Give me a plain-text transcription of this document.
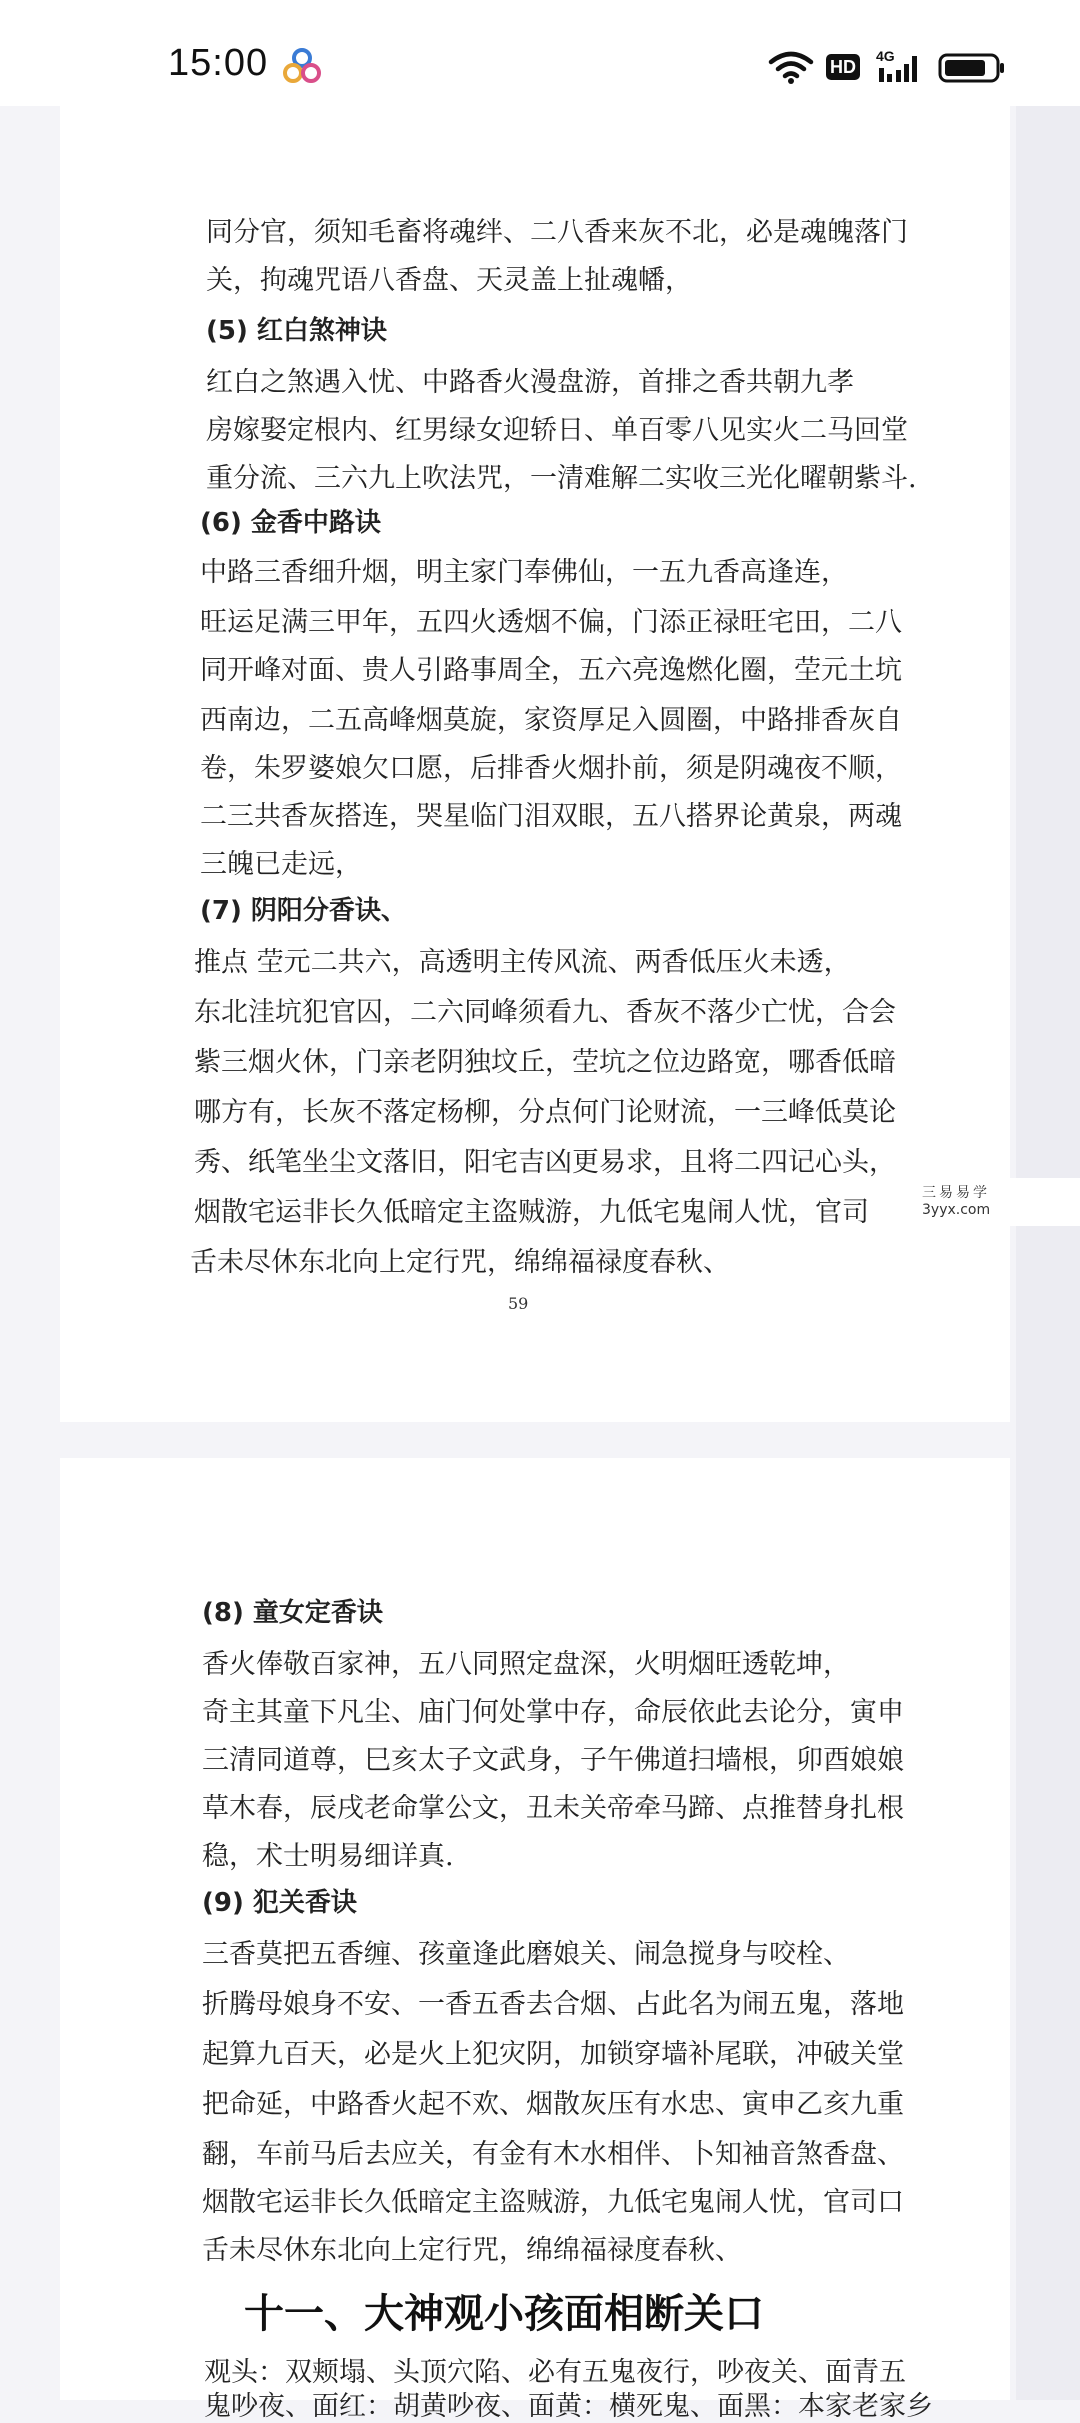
15:00	HD
4G

同分官，须知毛畜将魂绊、二八香来灰不北，必是魂魄落门

关，拘魂咒语八香盘、天灵盖上扯魂幡，

(5) 红白煞神诀

红白之煞遇入忧、中路香火漫盘游，首排之香共朝九孝

房嫁娶定根内、红男绿女迎轿日、单百零八见实火二马回堂

重分流、三六九上吹法咒，一清难解二实收三光化曜朝紫斗.

(6) 金香中路诀

中路三香细升烟，明主家门奉佛仙，一五九香高逢连，

旺运足满三甲年，五四火透烟不偏，门添正禄旺宅田，二八

同开峰对面、贵人引路事周全，五六亮逸燃化圈，茔元土坑

西南边，二五高峰烟莫旋，家资厚足入圆圈，中路排香灰自

卷，朱罗婆娘欠口愿，后排香火烟扑前，须是阴魂夜不顺，

二三共香灰搭连，哭星临门泪双眼，五八搭界论黄泉，两魂

三魄已走远，

(7) 阴阳分香诀、

推点 茔元二共六，高透明主传风流、两香低压火未透，

东北洼坑犯官囚，二六同峰须看九、香灰不落少亡忧，合会

紫三烟火休，门亲老阴独坟丘，茔坑之位边路宽，哪香低暗

哪方有，长灰不落定杨柳，分点何门论财流，一三峰低莫论

秀、纸笔坐尘文落旧，阳宅吉凶更易求，且将二四记心头，

烟散宅运非长久低暗定主盗贼游，九低宅鬼闹人忧，官司

舌未尽休东北向上定行咒，绵绵福禄度春秋、

59
三易易学
3yyx.com

(8) 童女定香诀

香火俸敬百家神，五八同照定盘深，火明烟旺透乾坤，

奇主其童下凡尘、庙门何处掌中存，命辰依此去论分，寅申

三清同道尊，巳亥太子文武身，子午佛道扫墙根，卯酉娘娘

草木春，辰戌老命掌公文，丑未关帝牵马蹄、点推替身扎根

稳，术士明易细详真.

(9) 犯关香诀

三香莫把五香缠、孩童逢此磨娘关、闹急搅身与咬栓、

折腾母娘身不安、一香五香去合烟、占此名为闹五鬼，落地

起算九百天，必是火上犯灾阴，加锁穿墙补尾联，冲破关堂

把命延，中路香火起不欢、烟散灰压有水忠、寅申乙亥九重

翻，车前马后去应关，有金有木水相伴、卜知袖音煞香盘、

烟散宅运非长久低暗定主盗贼游，九低宅鬼闹人忧，官司口

舌未尽休东北向上定行咒，绵绵福禄度春秋、

十一、大神观小孩面相断关口

观头：双颊塌、头顶穴陷、必有五鬼夜行，吵夜关、面青五

鬼吵夜、面红：胡黄吵夜、面黄：横死鬼、面黑：本家老家乡
